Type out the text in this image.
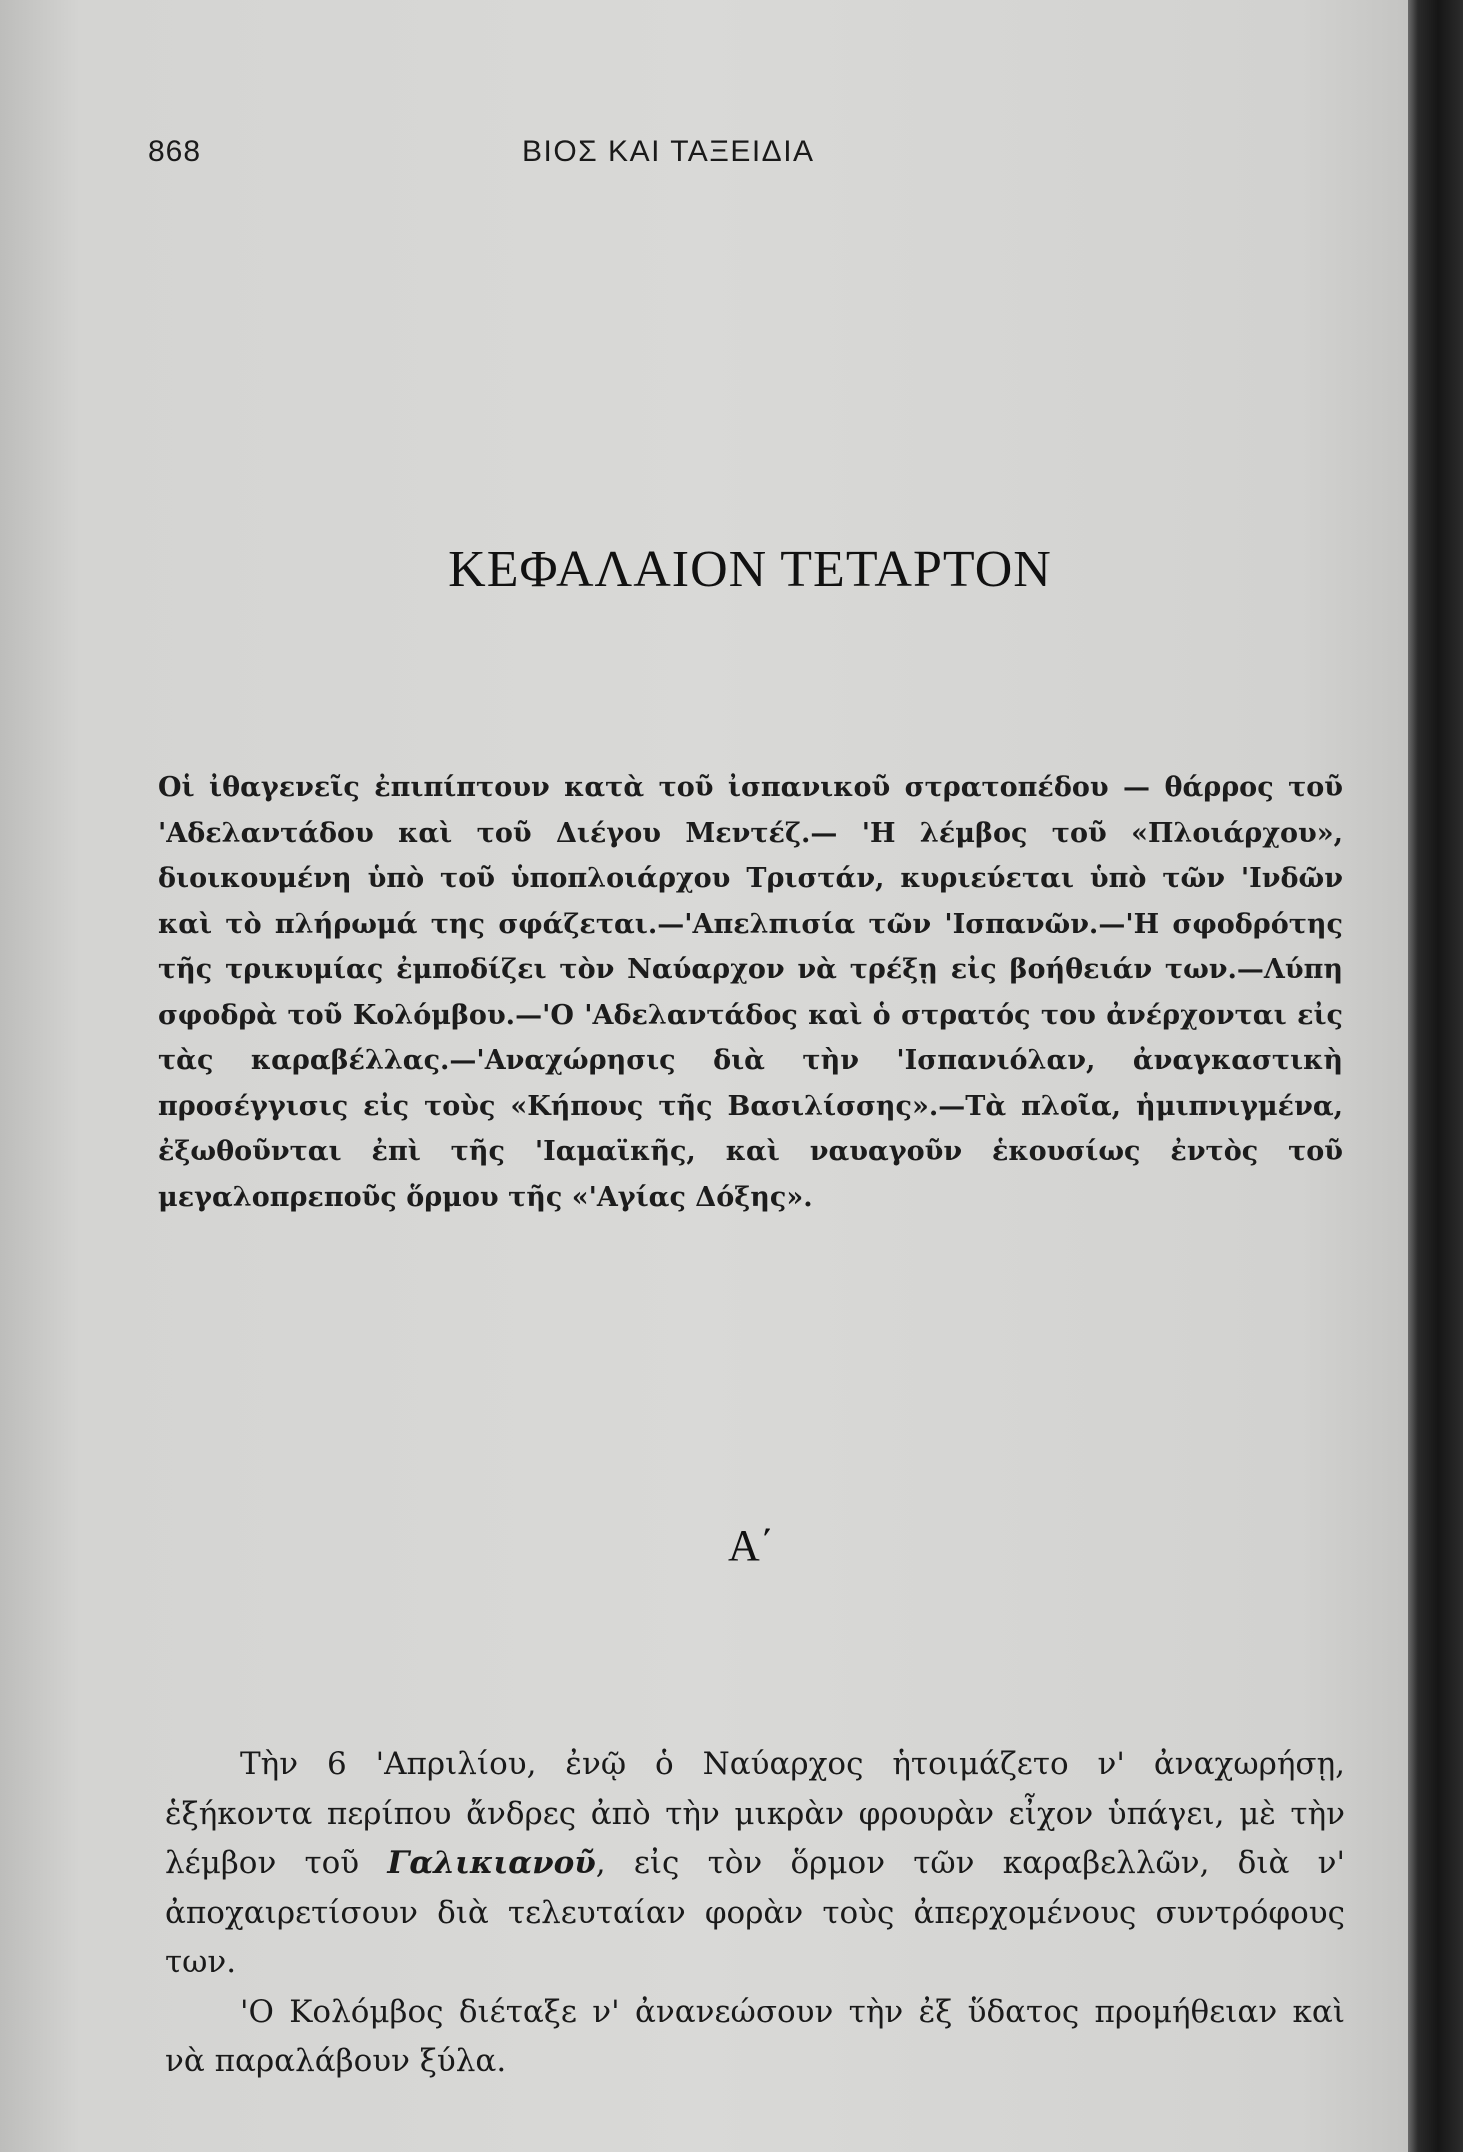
868	ΒΙΟΣ ΚΑΙ ΤΑΞΕΙΔΙΑ
ΚΕΦΑΛΑΙΟΝ ΤΕΤΑΡΤΟΝ
Οἱ ἰθαγενεῖς ἐπιπίπτουν κατὰ τοῦ ἰσπανικοῦ στρατοπέδου — θάρρος τοῦ 'Αδελαντάδου καὶ τοῦ Διέγου Μεντέζ.— 'Η λέμβος τοῦ «Πλοιάρχου», διοικουμένη ὑπὸ τοῦ ὑποπλοιάρχου Τριστάν, κυριεύεται ὑπὸ τῶν 'Ινδῶν καὶ τὸ πλήρωμά της σφάζεται.—'Απελπισία τῶν 'Ισπανῶν.—'Η σφοδρότης τῆς τρικυμίας ἐμποδίζει τὸν Ναύαρχον νὰ τρέξῃ εἰς βοήθειάν των.—Λύπη σφοδρὰ τοῦ Κολόμβου.—'Ο 'Αδελαντάδος καὶ ὁ στρατός του ἀνέρχονται εἰς τὰς καραβέλλας.—'Αναχώρησις διὰ τὴν 'Ισπανιόλαν, ἀναγκαστικὴ προσέγγισις εἰς τοὺς «Κήπους τῆς Βασιλίσσης».—Τὰ πλοῖα, ἡμιπνιγμένα, ἐξωθοῦνται ἐπὶ τῆς 'Ιαμαϊκῆς, καὶ ναυαγοῦν ἑκουσίως ἐντὸς τοῦ μεγαλοπρεποῦς ὅρμου τῆς «'Αγίας Δόξης».
Α΄

Τὴν 6 'Απριλίου, ἐνῷ ὁ Ναύαρχος ἡτοιμάζετο ν' ἀναχωρήσῃ, ἑξήκοντα περίπου ἄνδρες ἀπὸ τὴν μικρὰν φρουρὰν εἶχον ὑπάγει, μὲ τὴν λέμβον τοῦ Γαλικιανοῦ, εἰς τὸν ὅρμον τῶν καραβελλῶν, διὰ ν' ἀποχαιρετίσουν διὰ τελευταίαν φορὰν τοὺς ἀπερχομένους συντρόφους των.

'Ο Κολόμβος διέταξε ν' ἀνανεώσουν τὴν ἐξ ὕδατος προμήθειαν καὶ νὰ παραλάβουν ξύλα.
